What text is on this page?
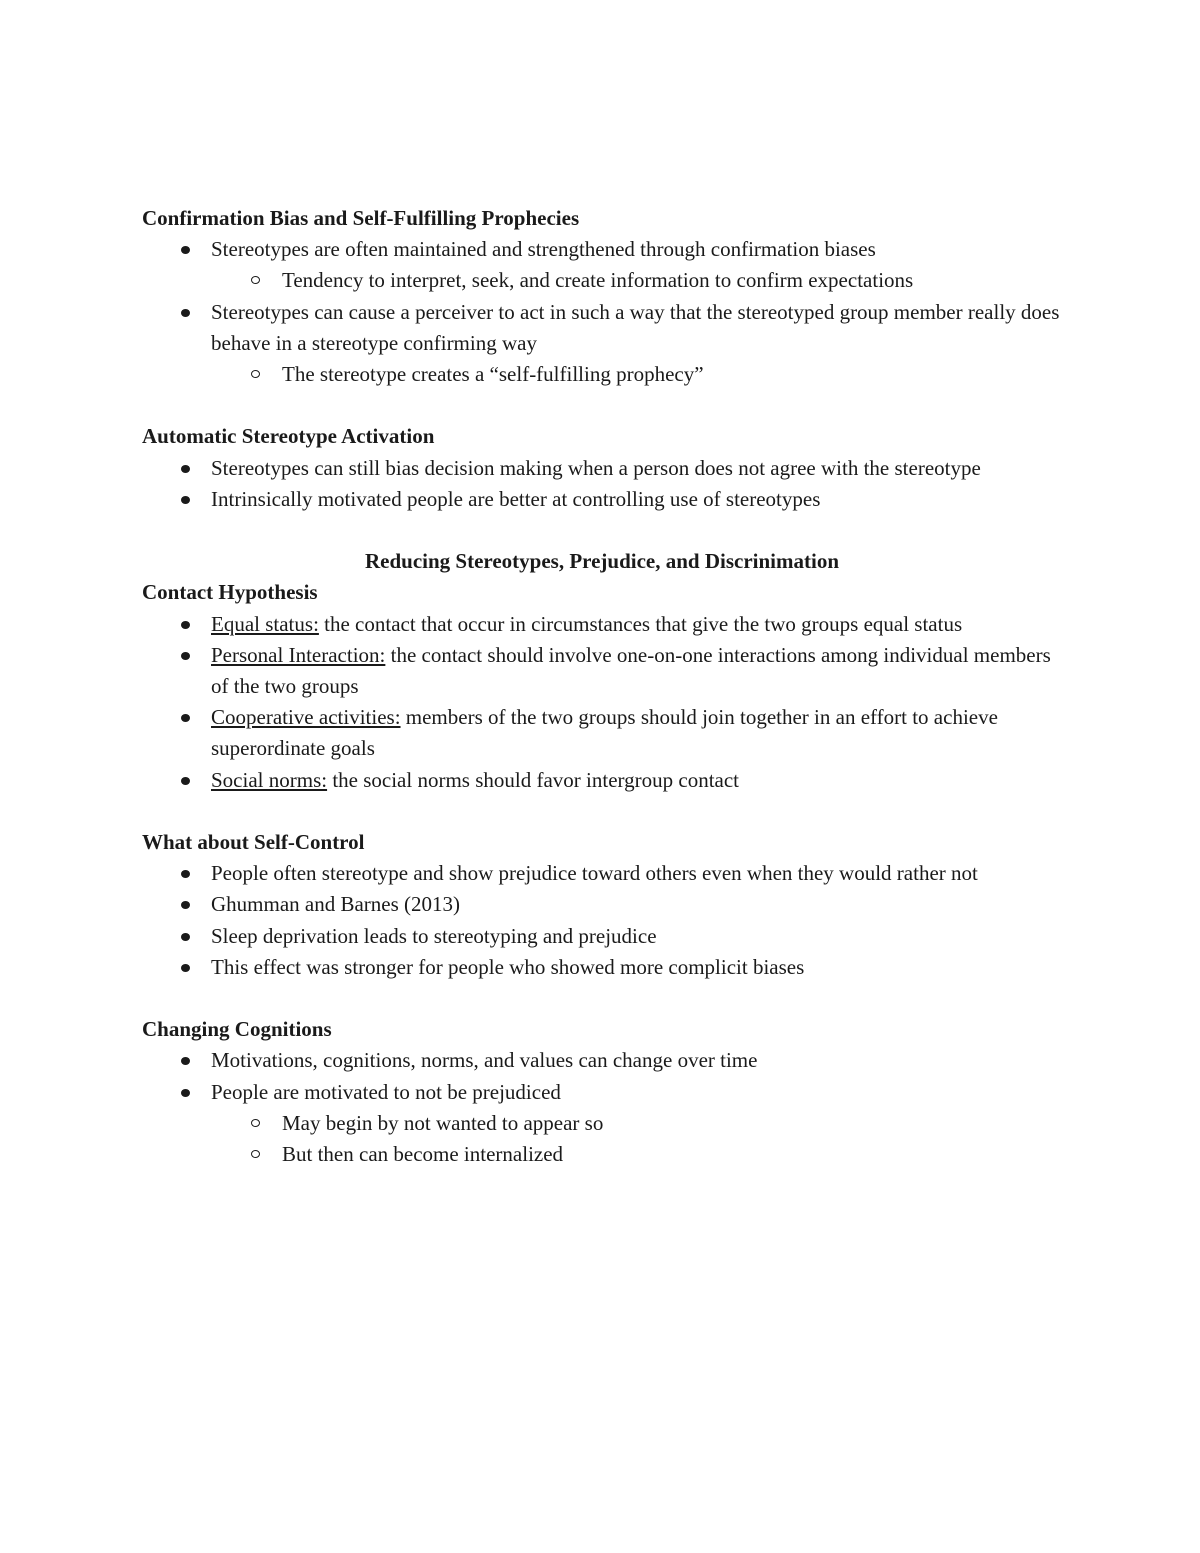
Confirmation Bias and Self-Fulfilling Prophecies

Stereotypes are often maintained and strengthened through confirmation biases
Tendency to interpret, seek, and create information to confirm expectations
Stereotypes can cause a perceiver to act in such a way that the stereotyped group member really does behave in a stereotype confirming way
The stereotype creates a “self-fulfilling prophecy”

Automatic Stereotype Activation

Stereotypes can still bias decision making when a person does not agree with the stereotype
Intrinsically motivated people are better at controlling use of stereotypes

Reducing Stereotypes, Prejudice, and Discrinimation

Contact Hypothesis

Equal status: the contact that occur in circumstances that give the two groups equal status
Personal Interaction: the contact should involve one-on-one interactions among individual members of the two groups
Cooperative activities: members of the two groups should join together in an effort to achieve superordinate goals
Social norms: the social norms should favor intergroup contact

What about Self-Control

People often stereotype and show prejudice toward others even when they would rather not
Ghumman and Barnes (2013)
Sleep deprivation leads to stereotyping and prejudice
This effect was stronger for people who showed more complicit biases

Changing Cognitions

Motivations, cognitions, norms, and values can change over time
People are motivated to not be prejudiced
May begin by not wanted to appear so
But then can become internalized
